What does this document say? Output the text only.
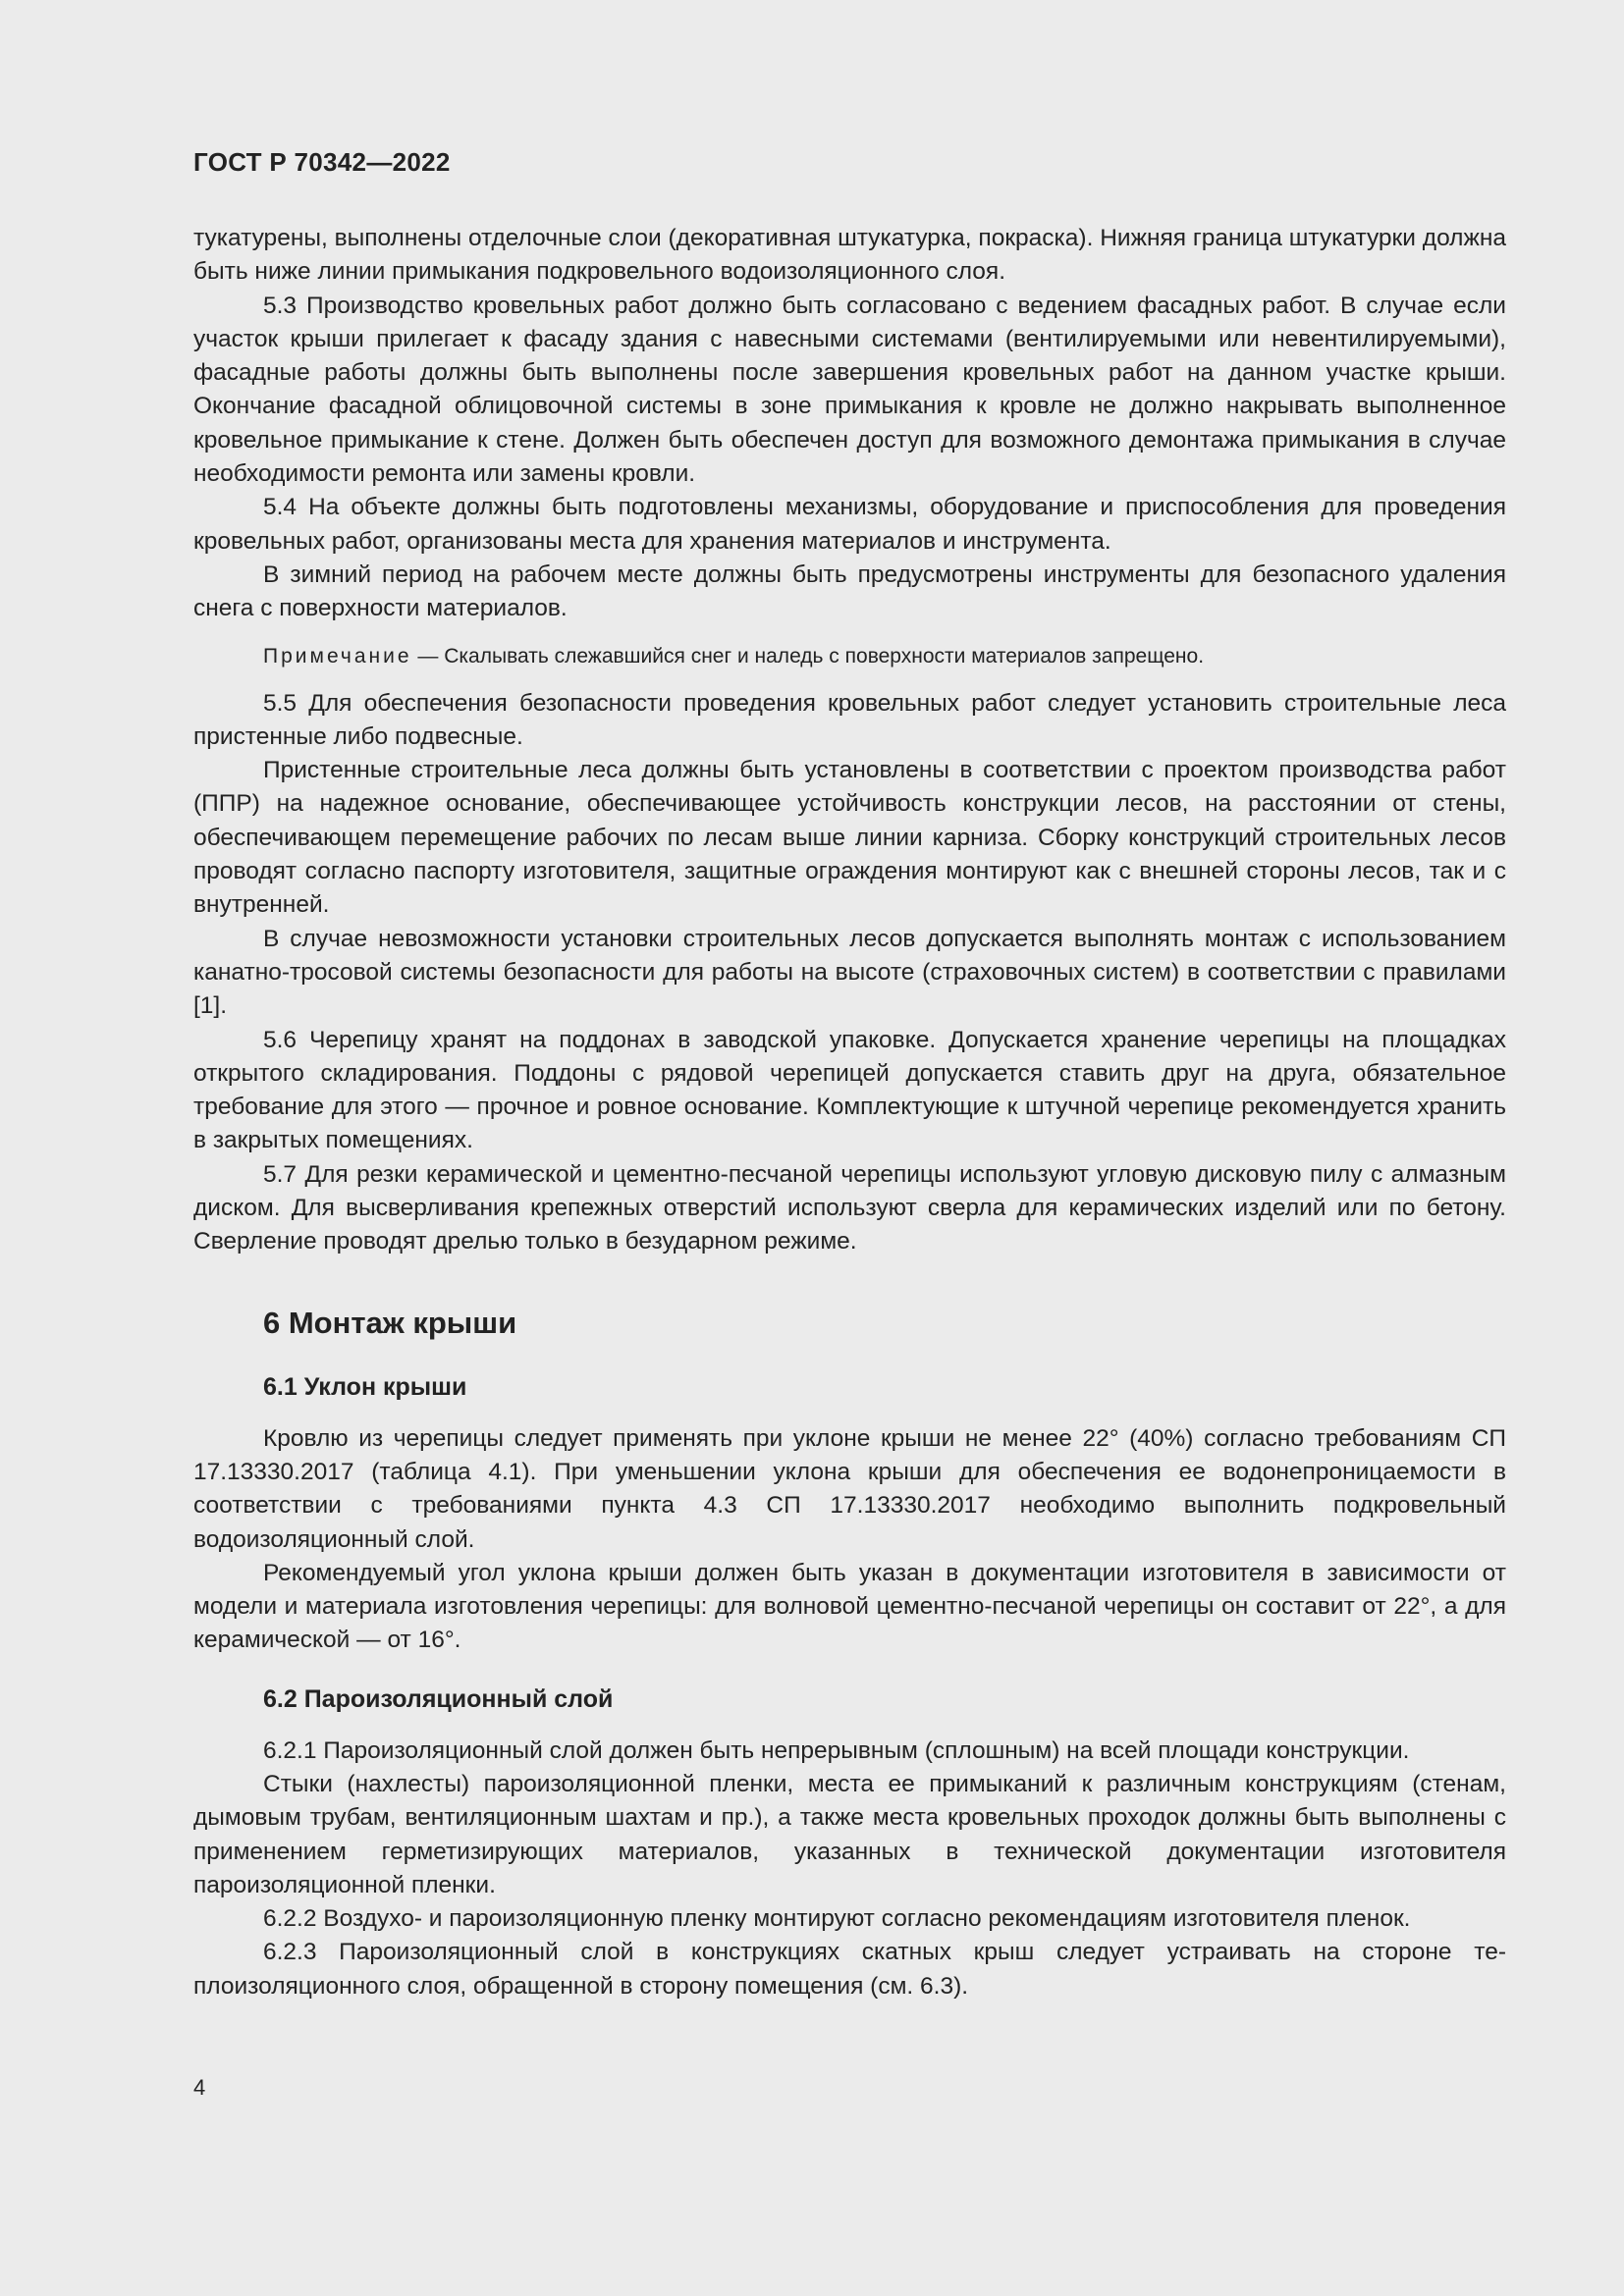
ГОСТ Р 70342—2022

тукатурены, выполнены отделочные слои (декоративная штукатурка, покраска). Нижняя граница штукатурки должна быть ниже линии примыкания подкровельного водоизоляционного слоя.

5.3 Производство кровельных работ должно быть согласовано с ведением фасадных работ. В случае если участок крыши прилегает к фасаду здания с навесными системами (вентилируемыми или невентилируемыми), фасадные работы должны быть выполнены после завершения кровельных работ на данном участке крыши. Окончание фасадной облицовочной системы в зоне примыкания к кровле не должно накрывать выполненное кровельное примыкание к стене. Должен быть обеспечен доступ для возможного демонтажа примыкания в случае необходимости ремонта или замены кровли.

5.4 На объекте должны быть подготовлены механизмы, оборудование и приспособления для проведения кровельных работ, организованы места для хранения материалов и инструмента.

В зимний период на рабочем месте должны быть предусмотрены инструменты для безопасного удаления снега с поверхности материалов.

Примечание — Скалывать слежавшийся снег и наледь с поверхности материалов запрещено.

5.5 Для обеспечения безопасности проведения кровельных работ следует установить строительные леса пристенные либо подвесные.

Пристенные строительные леса должны быть установлены в соответствии с проектом производства работ (ППР) на надежное основание, обеспечивающее устойчивость конструкции лесов, на расстоянии от стены, обеспечивающем перемещение рабочих по лесам выше линии карниза. Сборку конструкций строительных лесов проводят согласно паспорту изготовителя, защитные ограждения монтируют как с внешней стороны лесов, так и с внутренней.

В случае невозможности установки строительных лесов допускается выполнять монтаж с использованием канатно-тросовой системы безопасности для работы на высоте (страховочных систем) в соответствии с правилами [1].

5.6 Черепицу хранят на поддонах в заводской упаковке. Допускается хранение черепицы на площадках открытого складирования. Поддоны с рядовой черепицей допускается ставить друг на друга, обязательное требование для этого — прочное и ровное основание. Комплектующие к штучной черепице рекомендуется хранить в закрытых помещениях.

5.7 Для резки керамической и цементно-песчаной черепицы используют угловую дисковую пилу с алмазным диском. Для высверливания крепежных отверстий используют сверла для керамических изделий или по бетону. Сверление проводят дрелью только в безударном режиме.

6 Монтаж крыши
6.1 Уклон крыши

Кровлю из черепицы следует применять при уклоне крыши не менее 22° (40%) согласно требованиям СП 17.13330.2017 (таблица 4.1). При уменьшении уклона крыши для обеспечения ее водонепроницаемости в соответствии с требованиями пункта 4.3 СП 17.13330.2017 необходимо выполнить подкровельный водоизоляционный слой.

Рекомендуемый угол уклона крыши должен быть указан в документации изготовителя в зависимости от модели и материала изготовления черепицы: для волновой цементно-песчаной черепицы он составит от 22°, а для керамической — от 16°.

6.2 Пароизоляционный слой

6.2.1 Пароизоляционный слой должен быть непрерывным (сплошным) на всей площади конструкции.

Стыки (нахлесты) пароизоляционной пленки, места ее примыканий к различным конструкциям (стенам, дымовым трубам, вентиляционным шахтам и пр.), а также места кровельных проходок должны быть выполнены с применением герметизирующих материалов, указанных в технической документации изготовителя пароизоляционной пленки.

6.2.2 Воздухо- и пароизоляционную пленку монтируют согласно рекомендациям изготовителя пленок.

6.2.3 Пароизоляционный слой в конструкциях скатных крыш следует устраивать на стороне теплоизоляционного слоя, обращенной в сторону помещения (см. 6.3).

4
